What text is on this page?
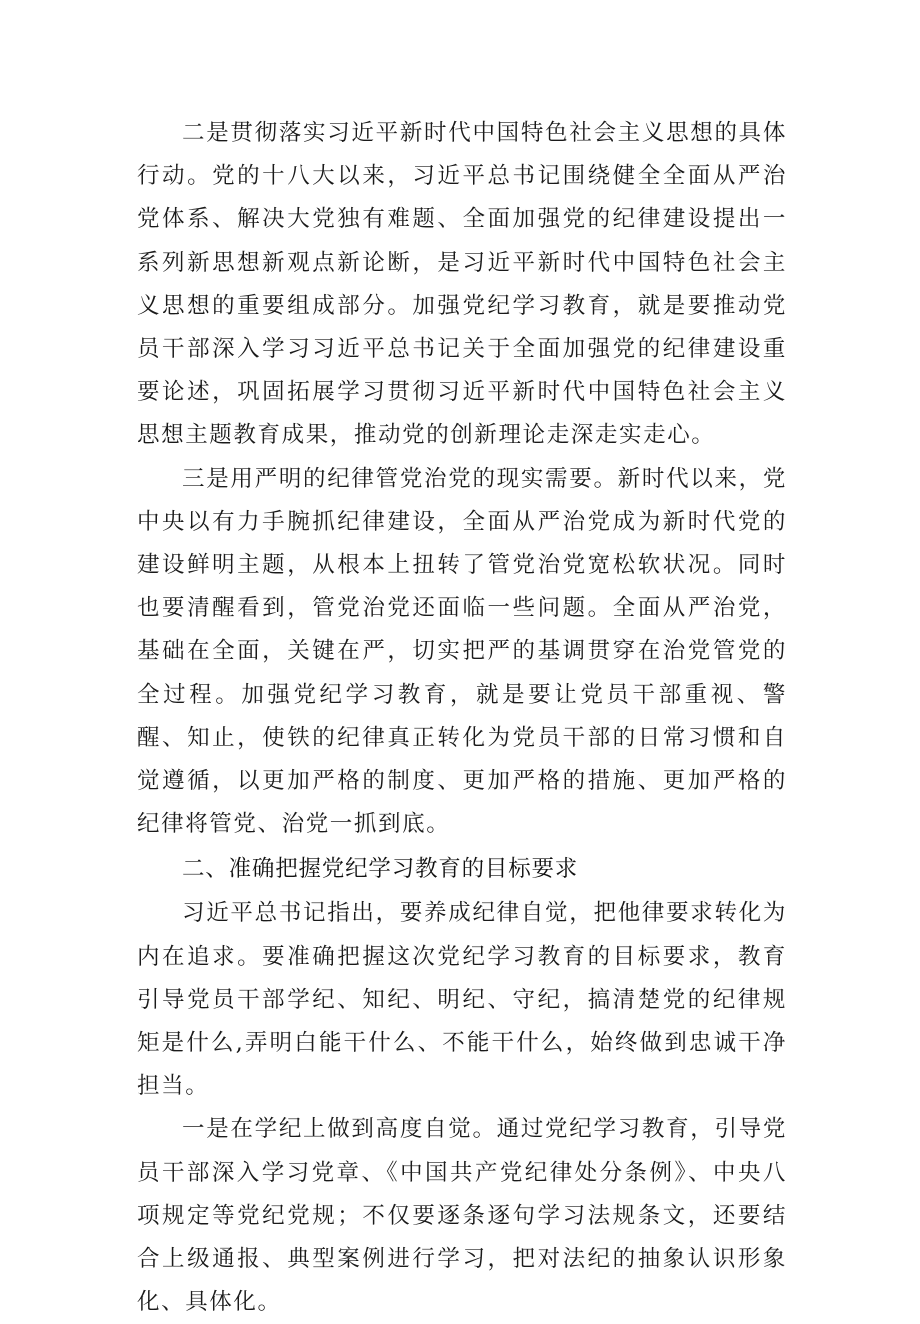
二是贯彻落实习近平新时代中国特色社会主义思想的具体行动。党的十八大以来，习近平总书记围绕健全全面从严治党体系、解决大党独有难题、全面加强党的纪律建设提出一系列新思想新观点新论断，是习近平新时代中国特色社会主义思想的重要组成部分。加强党纪学习教育，就是要推动党员干部深入学习习近平总书记关于全面加强党的纪律建设重要论述，巩固拓展学习贯彻习近平新时代中国特色社会主义思想主题教育成果，推动党的创新理论走深走实走心。

三是用严明的纪律管党治党的现实需要。新时代以来，党中央以有力手腕抓纪律建设，全面从严治党成为新时代党的建设鲜明主题，从根本上扭转了管党治党宽松软状况。同时也要清醒看到，管党治党还面临一些问题。全面从严治党，基础在全面，关键在严，切实把严的基调贯穿在治党管党的全过程。加强党纪学习教育，就是要让党员干部重视、警醒、知止，使铁的纪律真正转化为党员干部的日常习惯和自觉遵循，以更加严格的制度、更加严格的措施、更加严格的纪律将管党、治党一抓到底。

二、准确把握党纪学习教育的目标要求

习近平总书记指出，要养成纪律自觉，把他律要求转化为内在追求。要准确把握这次党纪学习教育的目标要求，教育引导党员干部学纪、知纪、明纪、守纪，搞清楚党的纪律规矩是什么,弄明白能干什么、不能干什么，始终做到忠诚干净担当。

一是在学纪上做到高度自觉。通过党纪学习教育，引导党员干部深入学习党章、《中国共产党纪律处分条例》、中央八项规定等党纪党规；不仅要逐条逐句学习法规条文，还要结合上级通报、典型案例进行学习，把对法纪的抽象认识形象化、具体化。
